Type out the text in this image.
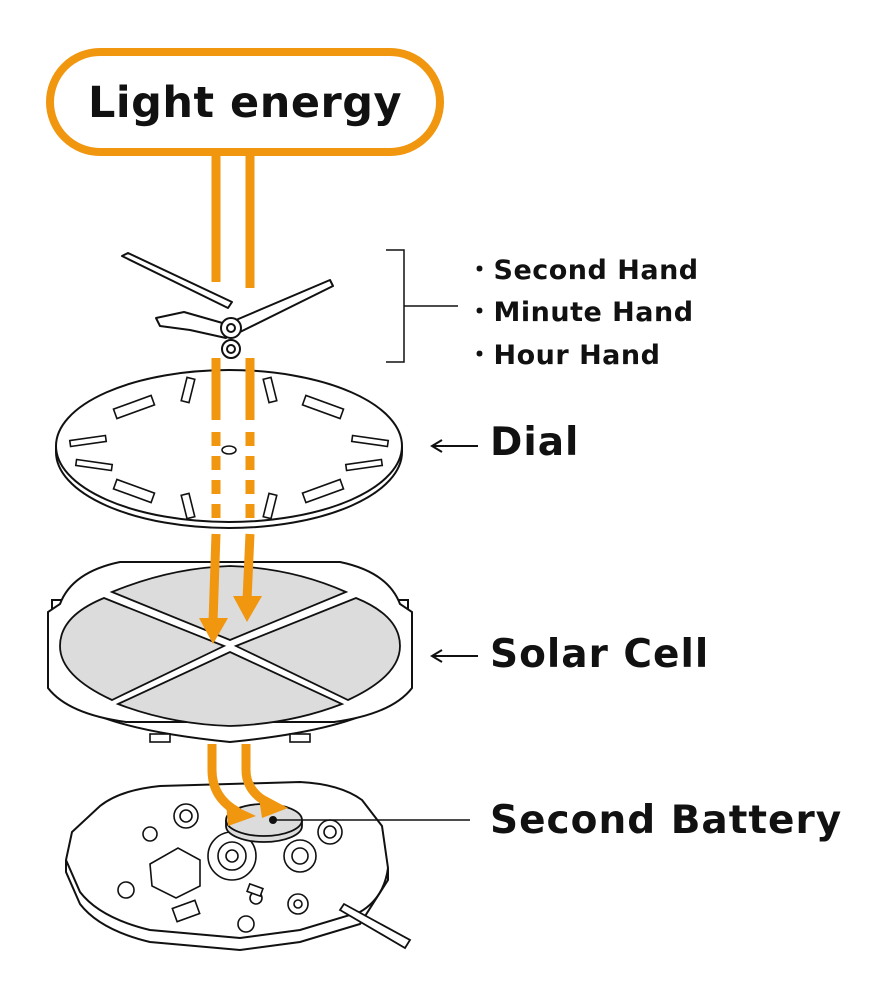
Light energy
・Second Hand
・Minute Hand
・Hour Hand
Dial
Solar Cell
Second Battery
